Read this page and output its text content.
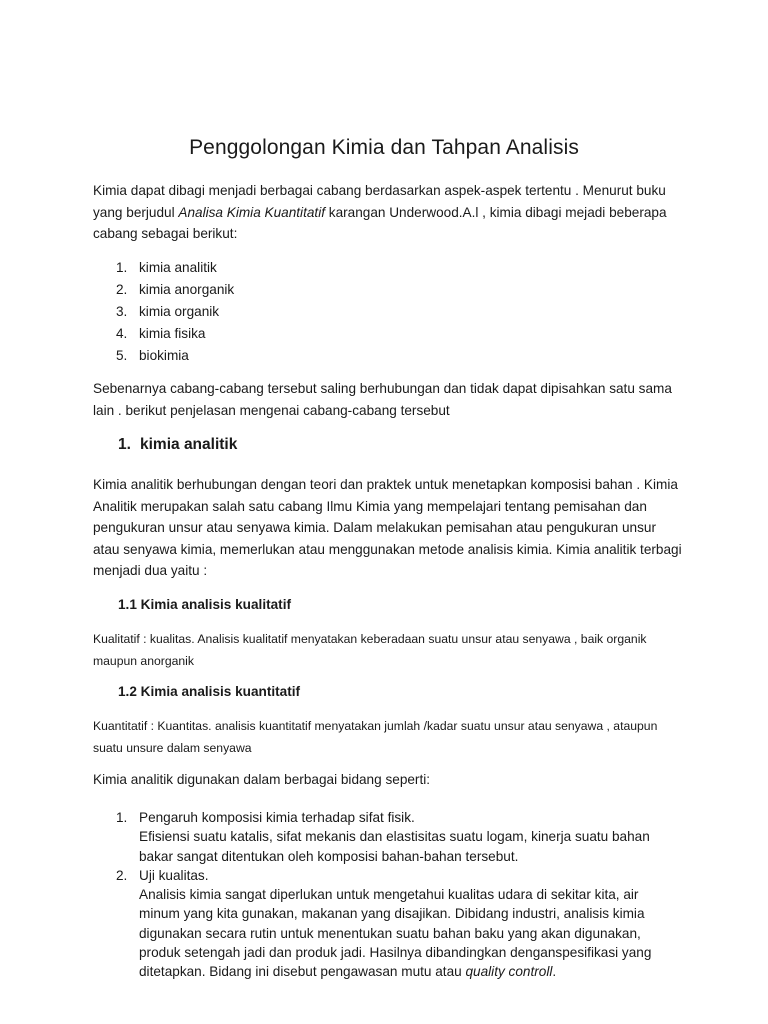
Penggolongan Kimia dan Tahpan Analisis

Kimia dapat dibagi menjadi berbagai cabang berdasarkan aspek-aspek tertentu . Menurut buku yang berjudul Analisa Kimia Kuantitatif karangan Underwood.A.l , kimia dibagi mejadi beberapa cabang sebagai berikut:

1. kimia analitik
2. kimia anorganik
3. kimia organik
4. kimia fisika
5. biokimia

Sebenarnya cabang-cabang tersebut saling berhubungan dan tidak dapat dipisahkan satu sama lain . berikut penjelasan mengenai cabang-cabang tersebut

1. kimia analitik

Kimia analitik berhubungan dengan teori dan praktek untuk menetapkan komposisi bahan . Kimia Analitik merupakan salah satu cabang Ilmu Kimia yang mempelajari tentang pemisahan dan pengukuran unsur atau senyawa kimia. Dalam melakukan pemisahan atau pengukuran unsur atau senyawa kimia, memerlukan atau menggunakan metode analisis kimia. Kimia analitik terbagi menjadi dua yaitu :

1.1 Kimia analisis kualitatif

Kualitatif : kualitas. Analisis kualitatif menyatakan keberadaan suatu unsur atau senyawa , baik organik maupun anorganik

1.2 Kimia analisis kuantitatif

Kuantitatif : Kuantitas. analisis kuantitatif menyatakan jumlah /kadar suatu unsur atau senyawa , ataupun suatu unsure dalam senyawa

Kimia analitik digunakan dalam berbagai bidang seperti:

1. Pengaruh komposisi kimia terhadap sifat fisik.
Efisiensi suatu katalis, sifat mekanis dan elastisitas suatu logam, kinerja suatu bahan bakar sangat ditentukan oleh komposisi bahan-bahan tersebut.
2. Uji kualitas.
Analisis kimia sangat diperlukan untuk mengetahui kualitas udara di sekitar kita, air minum yang kita gunakan, makanan yang disajikan. Dibidang industri, analisis kimia digunakan secara rutin untuk menentukan suatu bahan baku yang akan digunakan, produk setengah jadi dan produk jadi. Hasilnya dibandingkan denganspesifikasi yang ditetapkan. Bidang ini disebut pengawasan mutu atau quality controll.
